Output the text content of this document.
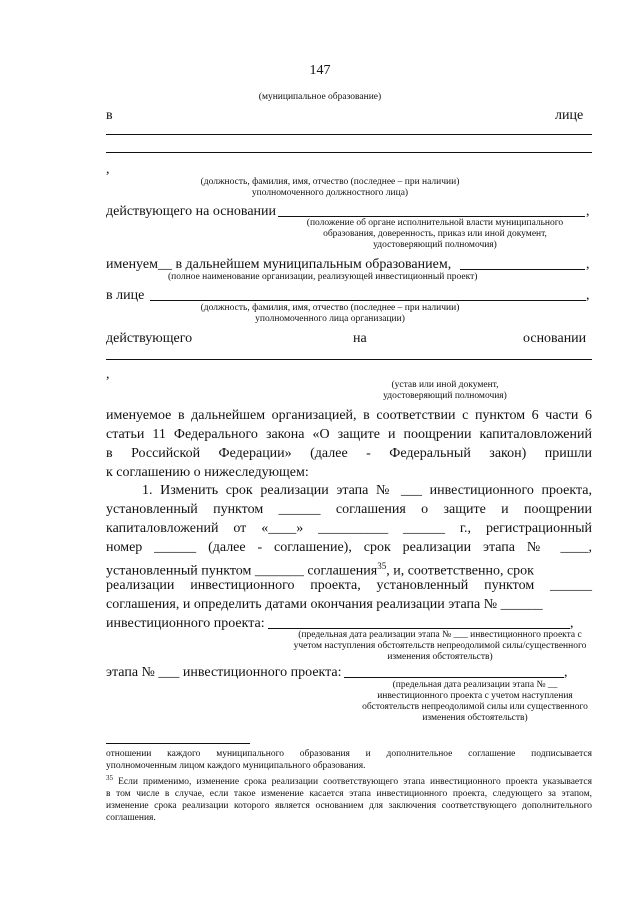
147
(муниципальное образование)
в	лице
,
(должность, фамилия, имя, отчество (последнее – при наличии)
уполномоченного должностного лица)
действующего на основании	,
(положение об органе исполнительной власти муниципального
образования, доверенность, приказ или иной документ,
удостоверяющий полномочия)
именуем__ в дальнейшем муниципальным образованием,	,
(полное наименование организации, реализующей инвестиционный проект)
в лице	,
(должность, фамилия, имя, отчество (последнее – при наличии)
уполномоченного лица организации)
действующего	на	основании
,
(устав или иной документ,
удостоверяющий полномочия)
именуемое в дальнейшем организацией, в соответствии с пунктом 6 части 6
статьи 11 Федерального закона «О защите и поощрении капиталовложений
в Российской Федерации» (далее - Федеральный закон) пришли
к соглашению о нижеследующем:
1. Изменить срок реализации этапа № ___ инвестиционного проекта,
установленный пунктом ______ соглашения о защите и поощрении
капиталовложений от «____» __________ ______ г., регистрационный
номер ______ (далее - соглашение), срок реализации этапа № ____,
установленный пунктом _______ соглашения$^{35}$, и, соответственно, срок
реализации инвестиционного проекта, установленный пунктом ______
соглашения, и определить датами окончания реализации этапа № ______
инвестиционного проекта:	,
(предельная дата реализации этапа № ___ инвестиционного проекта с
учетом наступления обстоятельств непреодолимой силы/существенного
изменения обстоятельств)
этапа № ___ инвестиционного проекта:	,
(предельная дата реализации этапа № __
инвестиционного проекта с учетом наступления
обстоятельств непреодолимой силы или существенного
изменения обстоятельств)
отношении каждого муниципального образования и дополнительное соглашение подписывается
уполномоченным лицом каждого муниципального образования.
$^{35}$ Если применимо, изменение срока реализации соответствующего этапа инвестиционного проекта указывается
в том числе в случае, если такое изменение касается этапа инвестиционного проекта, следующего за этапом,
изменение срока реализации которого является основанием для заключения соответствующего дополнительного
соглашения.
